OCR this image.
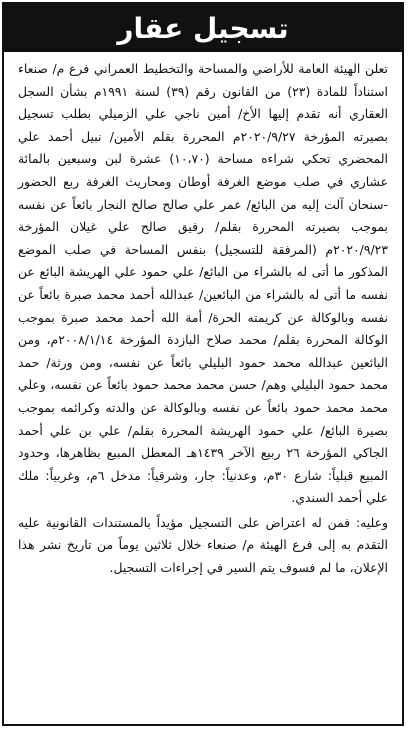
تسجيل عقار

تعلن الهيئة العامة للأراضي والمساحة والتخطيط العمراني فرع م/ صنعاء استناداً للمادة (٢٣) من القانون رقم (٣٩) لسنة ١٩٩١م بشأن السجل العقاري أنه تقدم إليها الأخ/ أمين ناجي علي الزميلي بطلب تسجيل بصيرته المؤرخة ٢٠٢٠/٩/٢٧م المحررة بقلم الأمين/ نبيل أحمد علي المحضري تحكي شراءه مساحة (١٠،٧٠) عشرة لبن وسبعين بالمائة عشاري في صلب موضع الغرفة أوطان ومحاريث الغرفة ربع الحضور -سنحان آلت إليه من البائع/ عمر علي صالح صالح النجار بائعاً عن نفسه بموجب بصيرته المحررة بقلم/ رفيق صالح علي غيلان المؤرخة ٢٠٢٠/٩/٢٣م (المرفقة للتسجيل) بنفس المساحة في صلب الموضع المذكور ما أتى له بالشراء من البائع/ علي حمود علي الهريشة البائع عن نفسه ما أتى له بالشراء من البائعين/ عبدالله أحمد محمد صبرة بائعاً عن نفسه وبالوكالة عن كريمته الحرة/ أمة الله أحمد محمد صبرة بموجب الوكالة المحررة بقلم/ محمد صلاح البازدة المؤرخة ٢٠٠٨/١/١٤م، ومن البائعين عبدالله محمد حمود البليلي بائعاً عن نفسه، ومن ورثة/ حمد محمد حمود البليلي وهم/ حسن محمد محمد حمود بائعاً عن نفسه، وعلي محمد محمد حمود بائعاً عن نفسه وبالوكالة عن والدته وكرائمه بموجب بصيرة البائع/ علي حمود الهريشة المحررة بقلم/ علي بن علي أحمد الجاكي المؤرخة ٢٦ ربيع الآخر ١٤٣٩هـ المعطل المبيع بظاهرها، وحدود المبيع قبلياً: شارع ٣٠م، وعدنياً: جار، وشرقياً: مدخل ٦م، وغربياً: ملك علي أحمد السندي.

وعليه: فمن له اعتراض على التسجيل مؤيداً بالمستندات القانونية عليه التقدم به إلى فرع الهيئة م/ صنعاء خلال ثلاثين يوماً من تاريخ نشر هذا الإعلان، ما لم فسوف يتم السير في إجراءات التسجيل.
